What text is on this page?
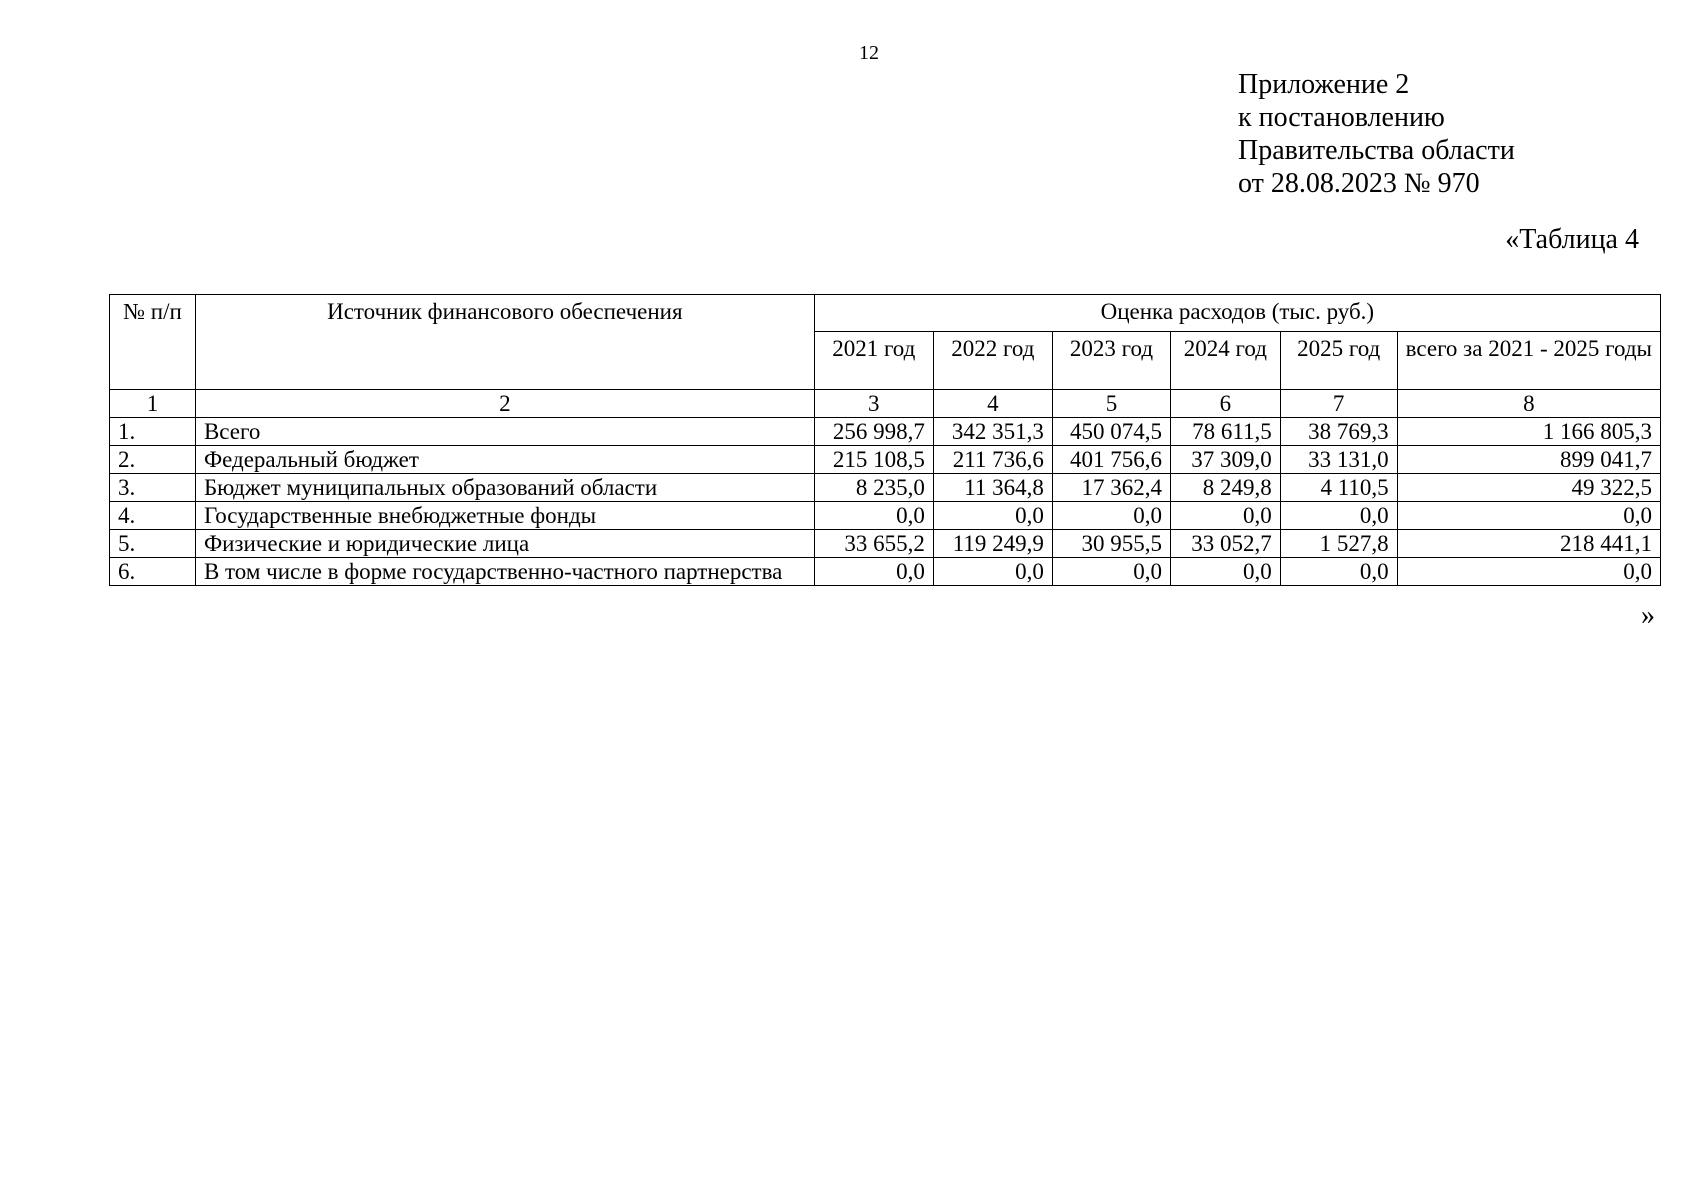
12
Приложение 2
к постановлению
Правительства области
от 28.08.2023 № 970
«Таблица 4
№ п/п	Источник финансового обеспечения	Оценка расходов (тыс. руб.)					
		2021 год	2022 год	2023 год	2024 год	2025 год	всего за 2021 - 2025 годы
1	2	3	4	5	6	7	8
1.	Всего	256 998,7	342 351,3	450 074,5	78 611,5	38 769,3	1 166 805,3
2.	Федеральный бюджет	215 108,5	211 736,6	401 756,6	37 309,0	33 131,0	899 041,7
3.	Бюджет муниципальных образований области	8 235,0	11 364,8	17 362,4	8 249,8	4 110,5	49 322,5
4.	Государственные внебюджетные фонды	0,0	0,0	0,0	0,0	0,0	0,0
5.	Физические и юридические лица	33 655,2	119 249,9	30 955,5	33 052,7	1 527,8	218 441,1
6.	В том числе в форме государственно-частного партнерства	0,0	0,0	0,0	0,0	0,0	0,0
»
